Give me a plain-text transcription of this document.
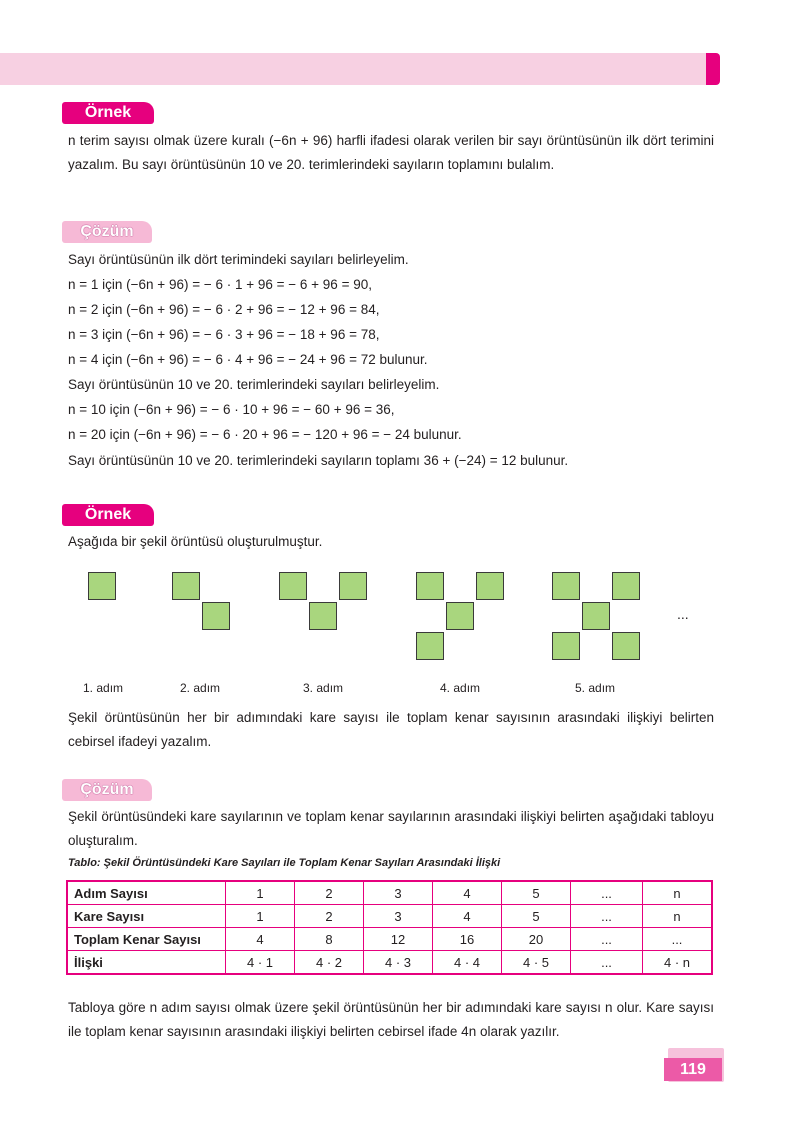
Örnek
n terim sayısı olmak üzere kuralı (−6n + 96) harfli ifadesi olarak verilen bir sayı örüntüsünün ilk dört terimini yazalım. Bu sayı örüntüsünün 10 ve 20. terimlerindeki sayıların toplamını bulalım.
Çözüm
Sayı örüntüsünün ilk dört terimindeki sayıları belirleyelim.
n = 1 için (−6n + 96) = − 6 · 1 + 96 = − 6 + 96 = 90,
n = 2 için (−6n + 96) = − 6 · 2 + 96 = − 12 + 96 = 84,
n = 3 için (−6n + 96) = − 6 · 3 + 96 = − 18 + 96 = 78,
n = 4 için (−6n + 96) = − 6 · 4 + 96 = − 24 + 96 = 72 bulunur.
Sayı örüntüsünün 10 ve 20. terimlerindeki sayıları belirleyelim.
n = 10 için (−6n + 96) = − 6 · 10 + 96 = − 60 + 96 = 36,
n = 20 için (−6n + 96) = − 6 · 20 + 96 = − 120 + 96 = − 24 bulunur.
Sayı örüntüsünün 10 ve 20. terimlerindeki sayıların toplamı 36 + (−24) = 12 bulunur.
Örnek
Aşağıda bir şekil örüntüsü oluşturulmuştur.
...
1. adım	2. adım	3. adım	4. adım	5. adım
Şekil örüntüsünün her bir adımındaki kare sayısı ile toplam kenar sayısının arasındaki ilişkiyi belirten cebirsel ifadeyi yazalım.
Çözüm
Şekil örüntüsündeki kare sayılarının ve toplam kenar sayılarının arasındaki ilişkiyi belirten aşağıdaki tabloyu oluşturalım.
Tablo: Şekil Örüntüsündeki Kare Sayıları ile Toplam Kenar Sayıları Arasındaki İlişki
Adım Sayısı	1	2	3	4	5	...	n
Kare Sayısı	1	2	3	4	5	...	n
Toplam Kenar Sayısı	4	8	12	16	20	...	...
İlişki	4 · 1	4 · 2	4 · 3	4 · 4	4 · 5	...	4 · n
Tabloya göre n adım sayısı olmak üzere şekil örüntüsünün her bir adımındaki kare sayısı n olur. Kare sayısı ile toplam kenar sayısının arasındaki ilişkiyi belirten cebirsel ifade 4n olarak yazılır.
119
